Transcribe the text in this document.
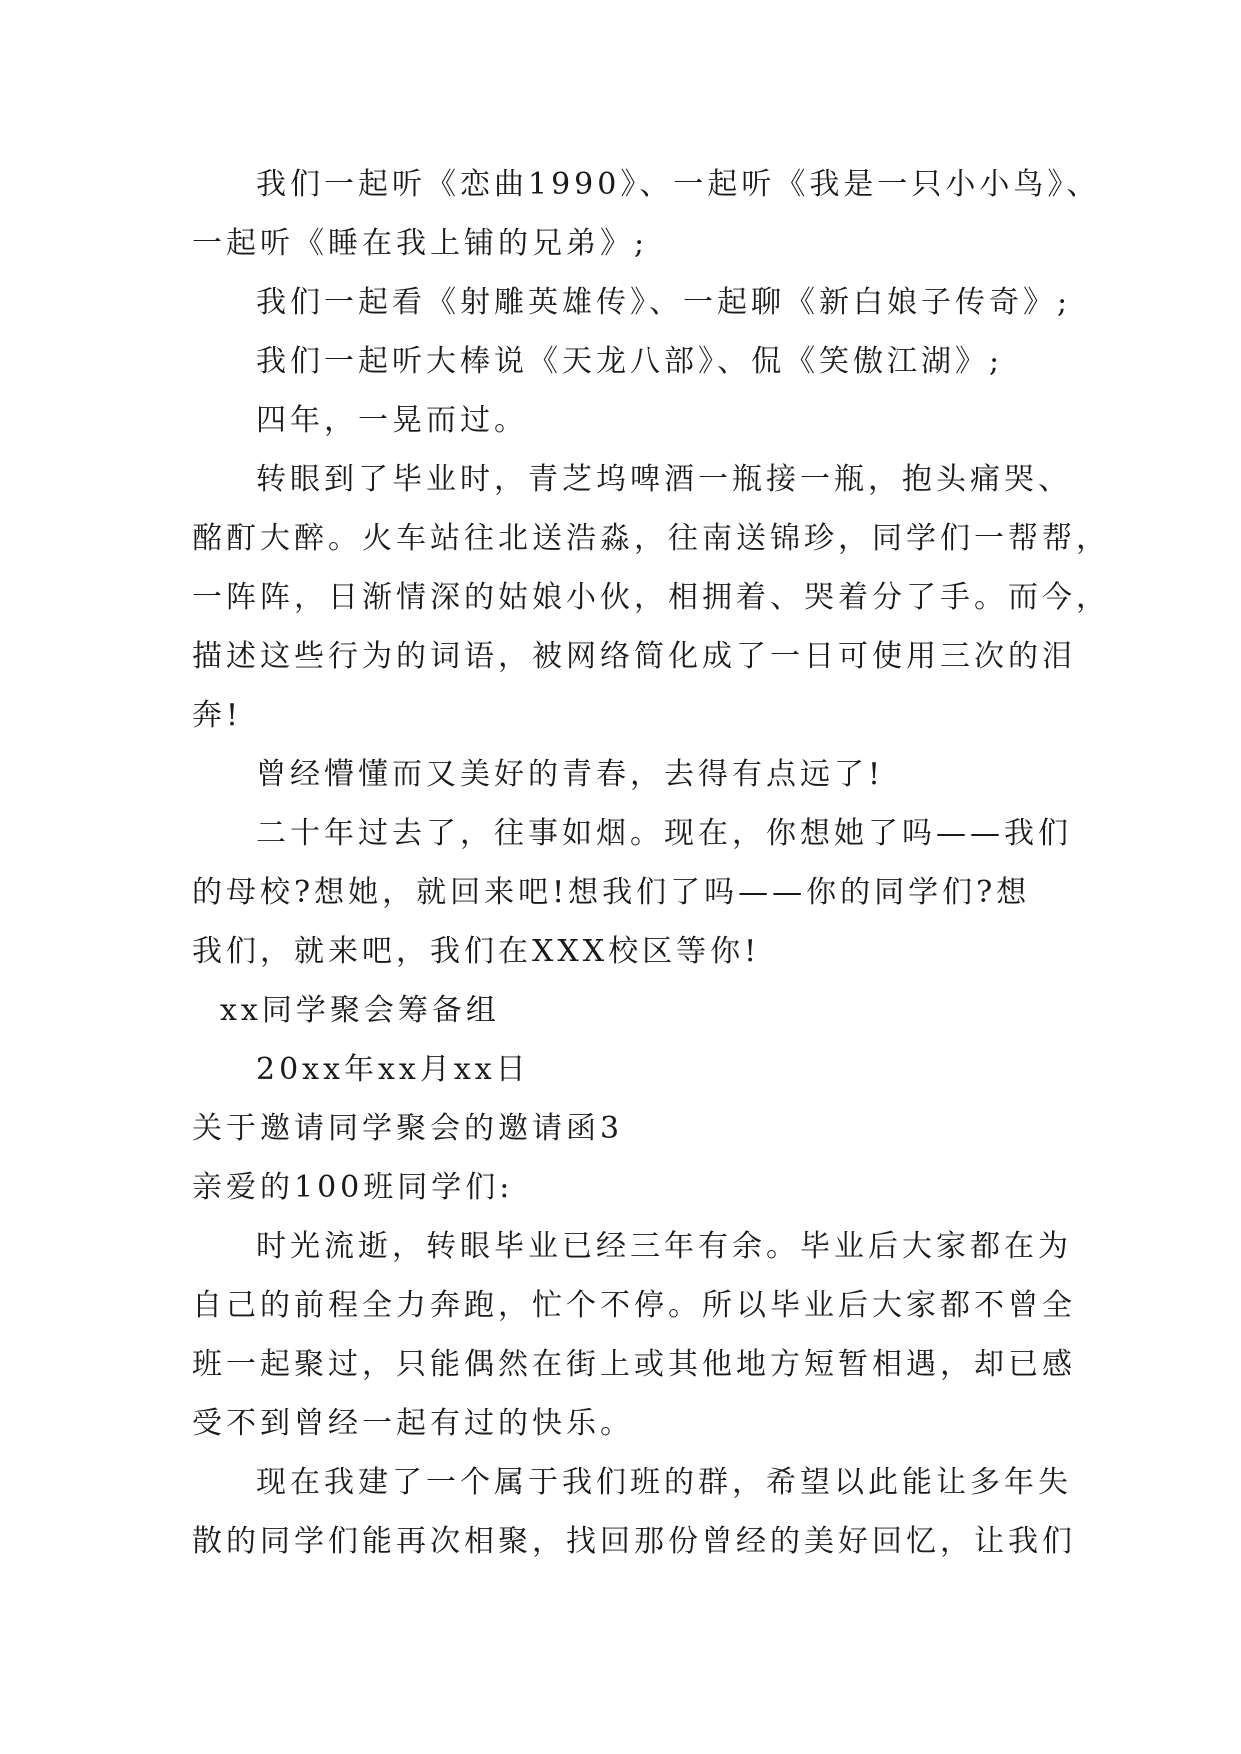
我们一起听《恋曲1990》、一起听《我是一只小小鸟》、
一起听《睡在我上铺的兄弟》;
我们一起看《射雕英雄传》、一起聊《新白娘子传奇》;
我们一起听大棒说《天龙八部》、侃《笑傲江湖》;
四年，一晃而过。
转眼到了毕业时，青芝坞啤酒一瓶接一瓶，抱头痛哭、
酩酊大醉。火车站往北送浩淼，往南送锦珍，同学们一帮帮，
一阵阵，日渐情深的姑娘小伙，相拥着、哭着分了手。而今，
描述这些行为的词语，被网络简化成了一日可使用三次的泪
奔!
曾经懵懂而又美好的青春，去得有点远了!
二十年过去了，往事如烟。现在，你想她了吗——我们
的母校?想她，就回来吧!想我们了吗——你的同学们?想
我们，就来吧，我们在XXX校区等你!
xx同学聚会筹备组
20xx年xx月xx日
关于邀请同学聚会的邀请函3
亲爱的100班同学们:
时光流逝，转眼毕业已经三年有余。毕业后大家都在为
自己的前程全力奔跑，忙个不停。所以毕业后大家都不曾全
班一起聚过，只能偶然在街上或其他地方短暂相遇，却已感
受不到曾经一起有过的快乐。
现在我建了一个属于我们班的群，希望以此能让多年失
散的同学们能再次相聚，找回那份曾经的美好回忆，让我们
